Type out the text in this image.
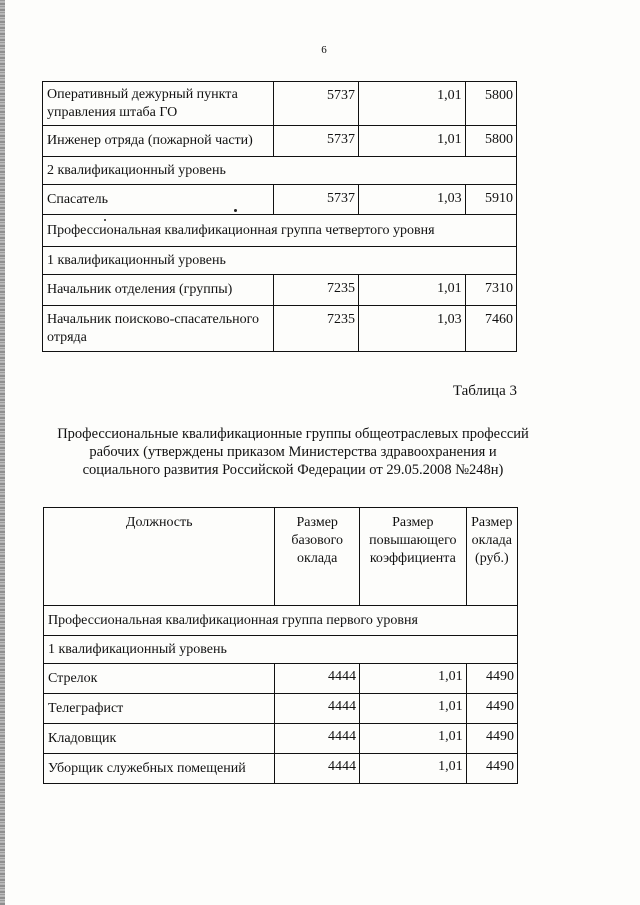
6
Оперативный дежурный пункта управления штаба ГО	5737	1,01	5800
Инженер отряда (пожарной части)	5737	1,01	5800
2 квалификационный уровень			
Спасатель	5737	1,03	5910
Профессиональная квалификационная группа четвертого уровня			
1 квалификационный уровень			
Начальник отделения (группы)	7235	1,01	7310
Начальник поисково-спасательного отряда	7235	1,03	7460
Таблица 3
Профессиональные квалификационные группы общеотраслевых профессий рабочих (утверждены приказом Министерства здравоохранения и социального развития Российской Федерации от 29.05.2008 №248н)
Должность	Размер базового оклада	Размер повышающего коэффициента	Размер оклада (руб.)
Профессиональная квалификационная группа первого уровня			
1 квалификационный уровень			
Стрелок	4444	1,01	4490
Телеграфист	4444	1,01	4490
Кладовщик	4444	1,01	4490
Уборщик служебных помещений	4444	1,01	4490
